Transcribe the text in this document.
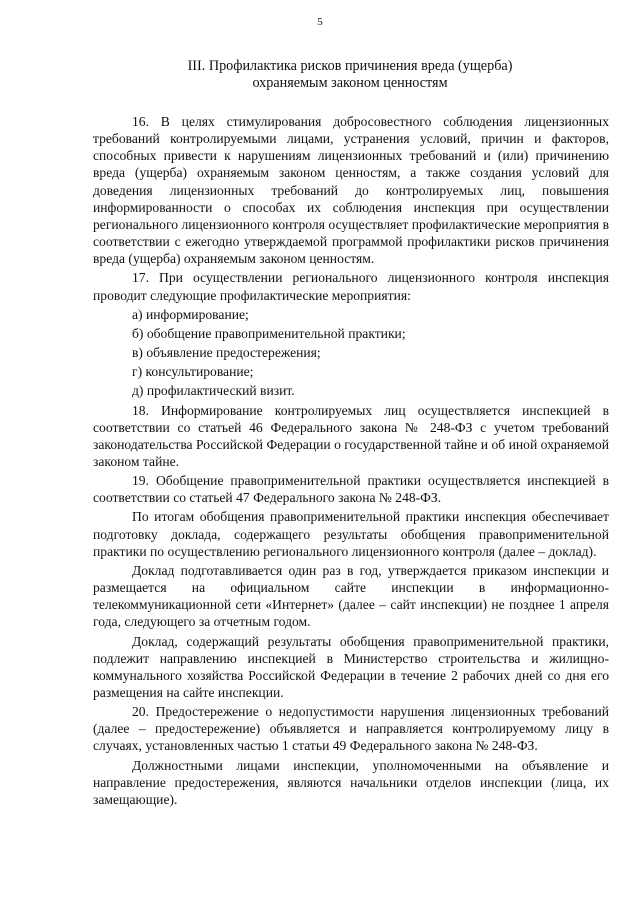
5
III. Профилактика рисков причинения вреда (ущерба)
охраняемым законом ценностям

16. В целях стимулирования добросовестного соблюдения лицензионных требований контролируемыми лицами, устранения условий, причин и факторов, способных привести к нарушениям лицензионных требований и (или) причинению вреда (ущерба) охраняемым законом ценностям, а также создания условий для доведения лицензионных требований до контролируемых лиц, повышения информированности о способах их соблюдения инспекция при осуществлении регионального лицензионного контроля осуществляет профилактические мероприятия в соответствии с ежегодно утверждаемой программой профилактики рисков причинения вреда (ущерба) охраняемым законом ценностям.

17. При осуществлении регионального лицензионного контроля инспекция проводит следующие профилактические мероприятия:

а) информирование;

б) обобщение правоприменительной практики;

в) объявление предостережения;

г) консультирование;

д) профилактический визит.

18. Информирование контролируемых лиц осуществляется инспекцией в соответствии со статьей 46 Федерального закона № 248-ФЗ с учетом требований законодательства Российской Федерации о государственной тайне и об иной охраняемой законом тайне.

19. Обобщение правоприменительной практики осуществляется инспекцией в соответствии со статьей 47 Федерального закона № 248-ФЗ.

По итогам обобщения правоприменительной практики инспекция обеспечивает подготовку доклада, содержащего результаты обобщения правоприменительной практики по осуществлению регионального лицензионного контроля (далее – доклад).

Доклад подготавливается один раз в год, утверждается приказом инспекции и размещается на официальном сайте инспекции в информационно-телекоммуникационной сети «Интернет» (далее – сайт инспекции) не позднее 1 апреля года, следующего за отчетным годом.

Доклад, содержащий результаты обобщения правоприменительной практики, подлежит направлению инспекцией в Министерство строительства и жилищно-коммунального хозяйства Российской Федерации в течение 2 рабочих дней со дня его размещения на сайте инспекции.

20. Предостережение о недопустимости нарушения лицензионных требований (далее – предостережение) объявляется и направляется контролируемому лицу в случаях, установленных частью 1 статьи 49 Федерального закона № 248-ФЗ.

Должностными лицами инспекции, уполномоченными на объявление и направление предостережения, являются начальники отделов инспекции (лица, их замещающие).
